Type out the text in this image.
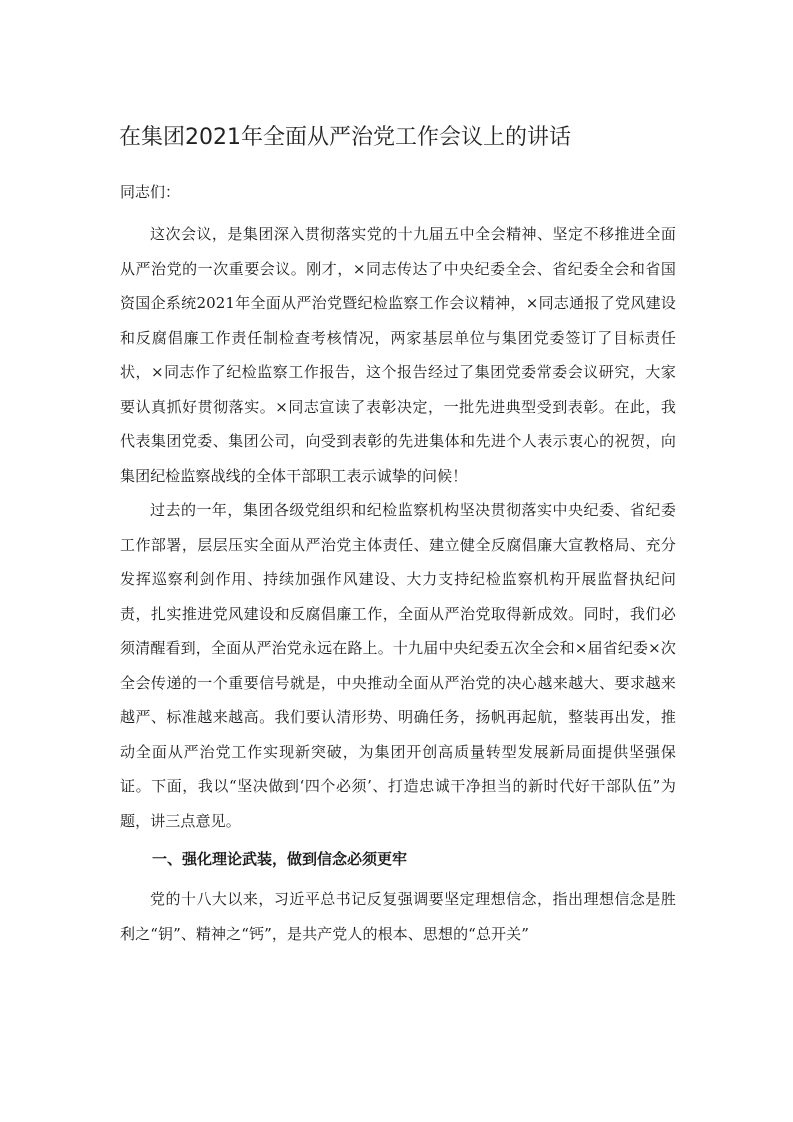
在集团2021年全面从严治党工作会议上的讲话
同志们：

这次会议，是集团深入贯彻落实党的十九届五中全会精神、坚定不移推进全面从严治党的一次重要会议。刚才，×同志传达了中央纪委全会、省纪委全会和省国资国企系统2021年全面从严治党暨纪检监察工作会议精神，×同志通报了党风建设和反腐倡廉工作责任制检查考核情况，两家基层单位与集团党委签订了目标责任状，×同志作了纪检监察工作报告，这个报告经过了集团党委常委会议研究，大家要认真抓好贯彻落实。×同志宣读了表彰决定，一批先进典型受到表彰。在此，我代表集团党委、集团公司，向受到表彰的先进集体和先进个人表示衷心的祝贺，向集团纪检监察战线的全体干部职工表示诚挚的问候！

过去的一年，集团各级党组织和纪检监察机构坚决贯彻落实中央纪委、省纪委工作部署，层层压实全面从严治党主体责任、建立健全反腐倡廉大宣教格局、充分发挥巡察利剑作用、持续加强作风建设、大力支持纪检监察机构开展监督执纪问责，扎实推进党风建设和反腐倡廉工作，全面从严治党取得新成效。同时，我们必须清醒看到，全面从严治党永远在路上。十九届中央纪委五次全会和×届省纪委×次全会传递的一个重要信号就是，中央推动全面从严治党的决心越来越大、要求越来越严、标准越来越高。我们要认清形势、明确任务，扬帆再起航，整装再出发，推动全面从严治党工作实现新突破，为集团开创高质量转型发展新局面提供坚强保证。下面，我以“坚决做到‘四个必须’、打造忠诚干净担当的新时代好干部队伍”为题，讲三点意见。

一、强化理论武装，做到信念必须更牢

党的十八大以来，习近平总书记反复强调要坚定理想信念，指出理想信念是胜利之“钥”、精神之“钙”，是共产党人的根本、思想的“总开关”
